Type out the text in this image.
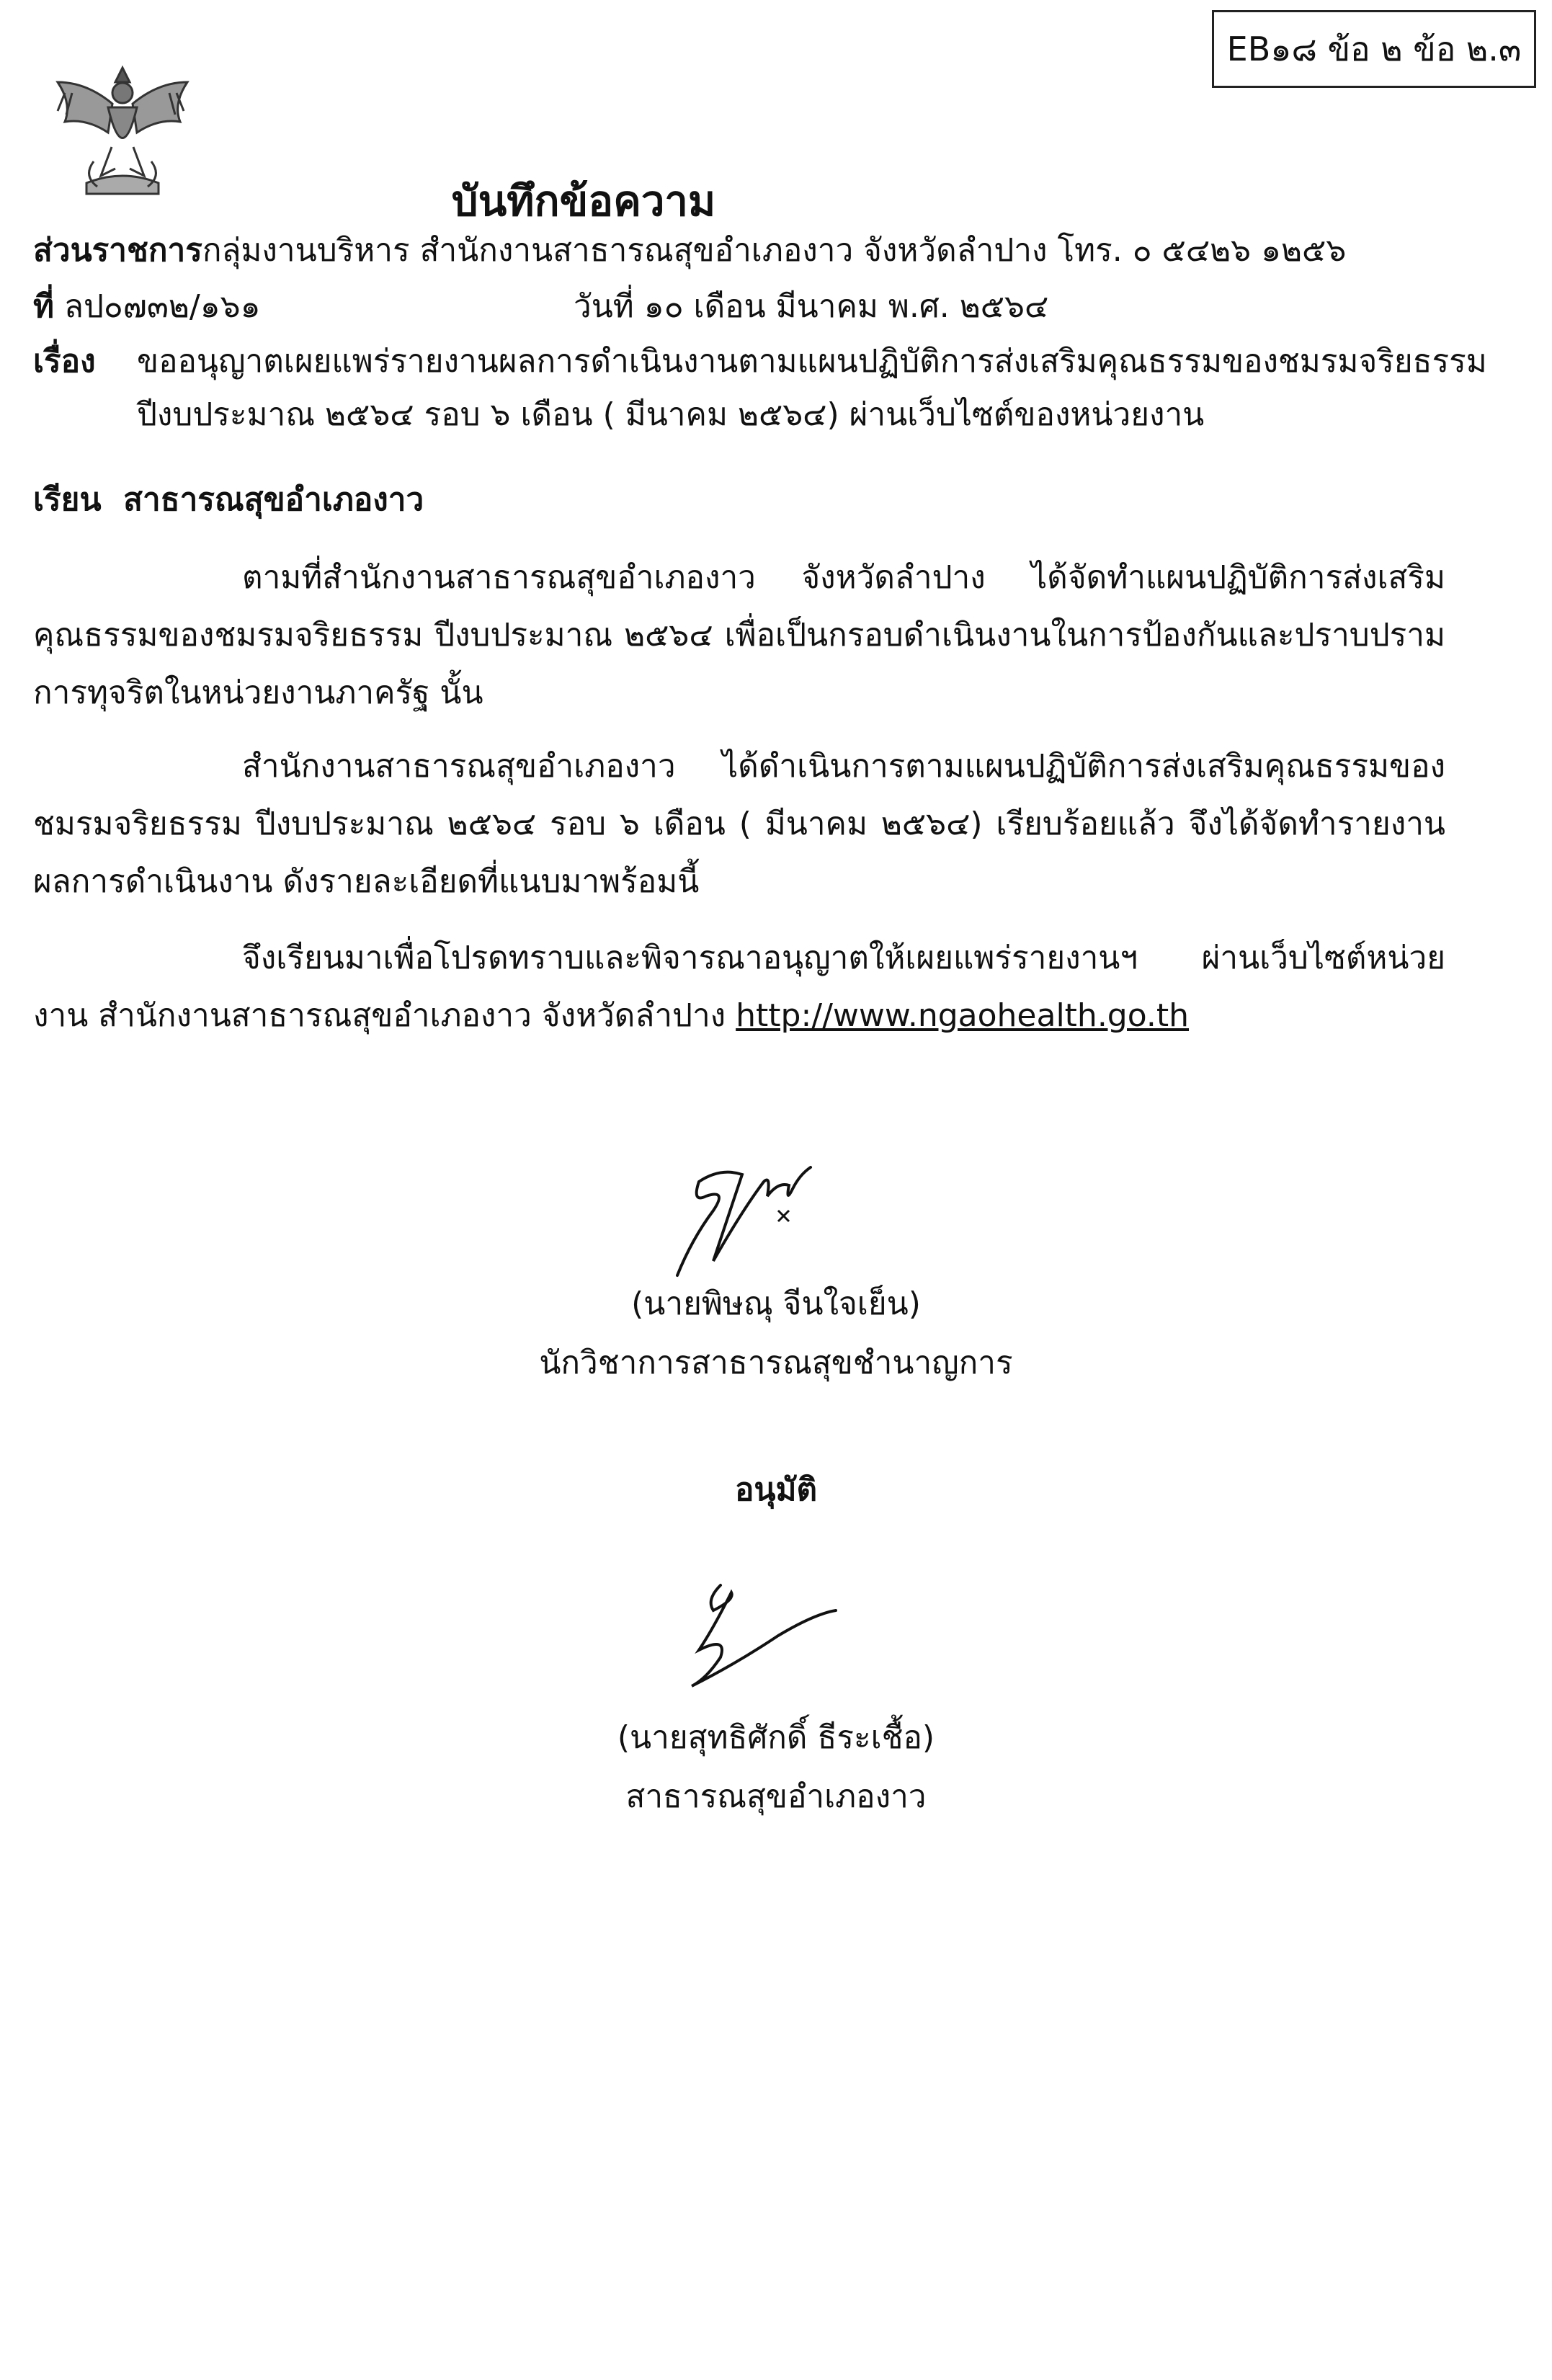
EB๑๘ ข้อ ๒ ข้อ ๒.๓
บันทึกข้อความ
ส่วนราชการกลุ่มงานบริหาร สำนักงานสาธารณสุขอำเภองาว จังหวัดลำปาง โทร. ๐ ๕๔๒๖ ๑๒๕๖
ที่ ลป๐๗๓๒/๑๖๑	วันที่ ๑๐ เดือน มีนาคม พ.ศ. ๒๕๖๔
เรื่อง ขออนุญาตเผยแพร่รายงานผลการดำเนินงานตามแผนปฏิบัติการส่งเสริมคุณธรรมของชมรมจริยธรรม
ปีงบประมาณ ๒๕๖๔ รอบ ๖ เดือน ( มีนาคม ๒๕๖๔) ผ่านเว็บไซต์ของหน่วยงาน
เรียน สาธารณสุขอำเภองาว
ตามที่สำนักงานสาธารณสุขอำเภองาว จังหวัดลำปาง ได้จัดทำแผนปฏิบัติการส่งเสริมคุณธรรมของชมรมจริยธรรม ปีงบประมาณ ๒๕๖๔ เพื่อเป็นกรอบดำเนินงานในการป้องกันและปราบปรามการทุจริตในหน่วยงานภาครัฐ นั้น
สำนักงานสาธารณสุขอำเภองาว ได้ดำเนินการตามแผนปฏิบัติการส่งเสริมคุณธรรมของชมรมจริยธรรม ปีงบประมาณ ๒๕๖๔ รอบ ๖ เดือน ( มีนาคม ๒๕๖๔) เรียบร้อยแล้ว จึงได้จัดทำรายงานผลการดำเนินงาน ดังรายละเอียดที่แนบมาพร้อมนี้
จึงเรียนมาเพื่อโปรดทราบและพิจารณาอนุญาตให้เผยแพร่รายงานฯ ผ่านเว็บไซต์หน่วยงาน สำนักงานสาธารณสุขอำเภองาว จังหวัดลำปาง http://www.ngaohealth.go.th
(นายพิษณุ จีนใจเย็น)
นักวิชาการสาธารณสุขชำนาญการ
อนุมัติ
(นายสุทธิศักดิ์ ธีระเชื้อ)
สาธารณสุขอำเภองาว
